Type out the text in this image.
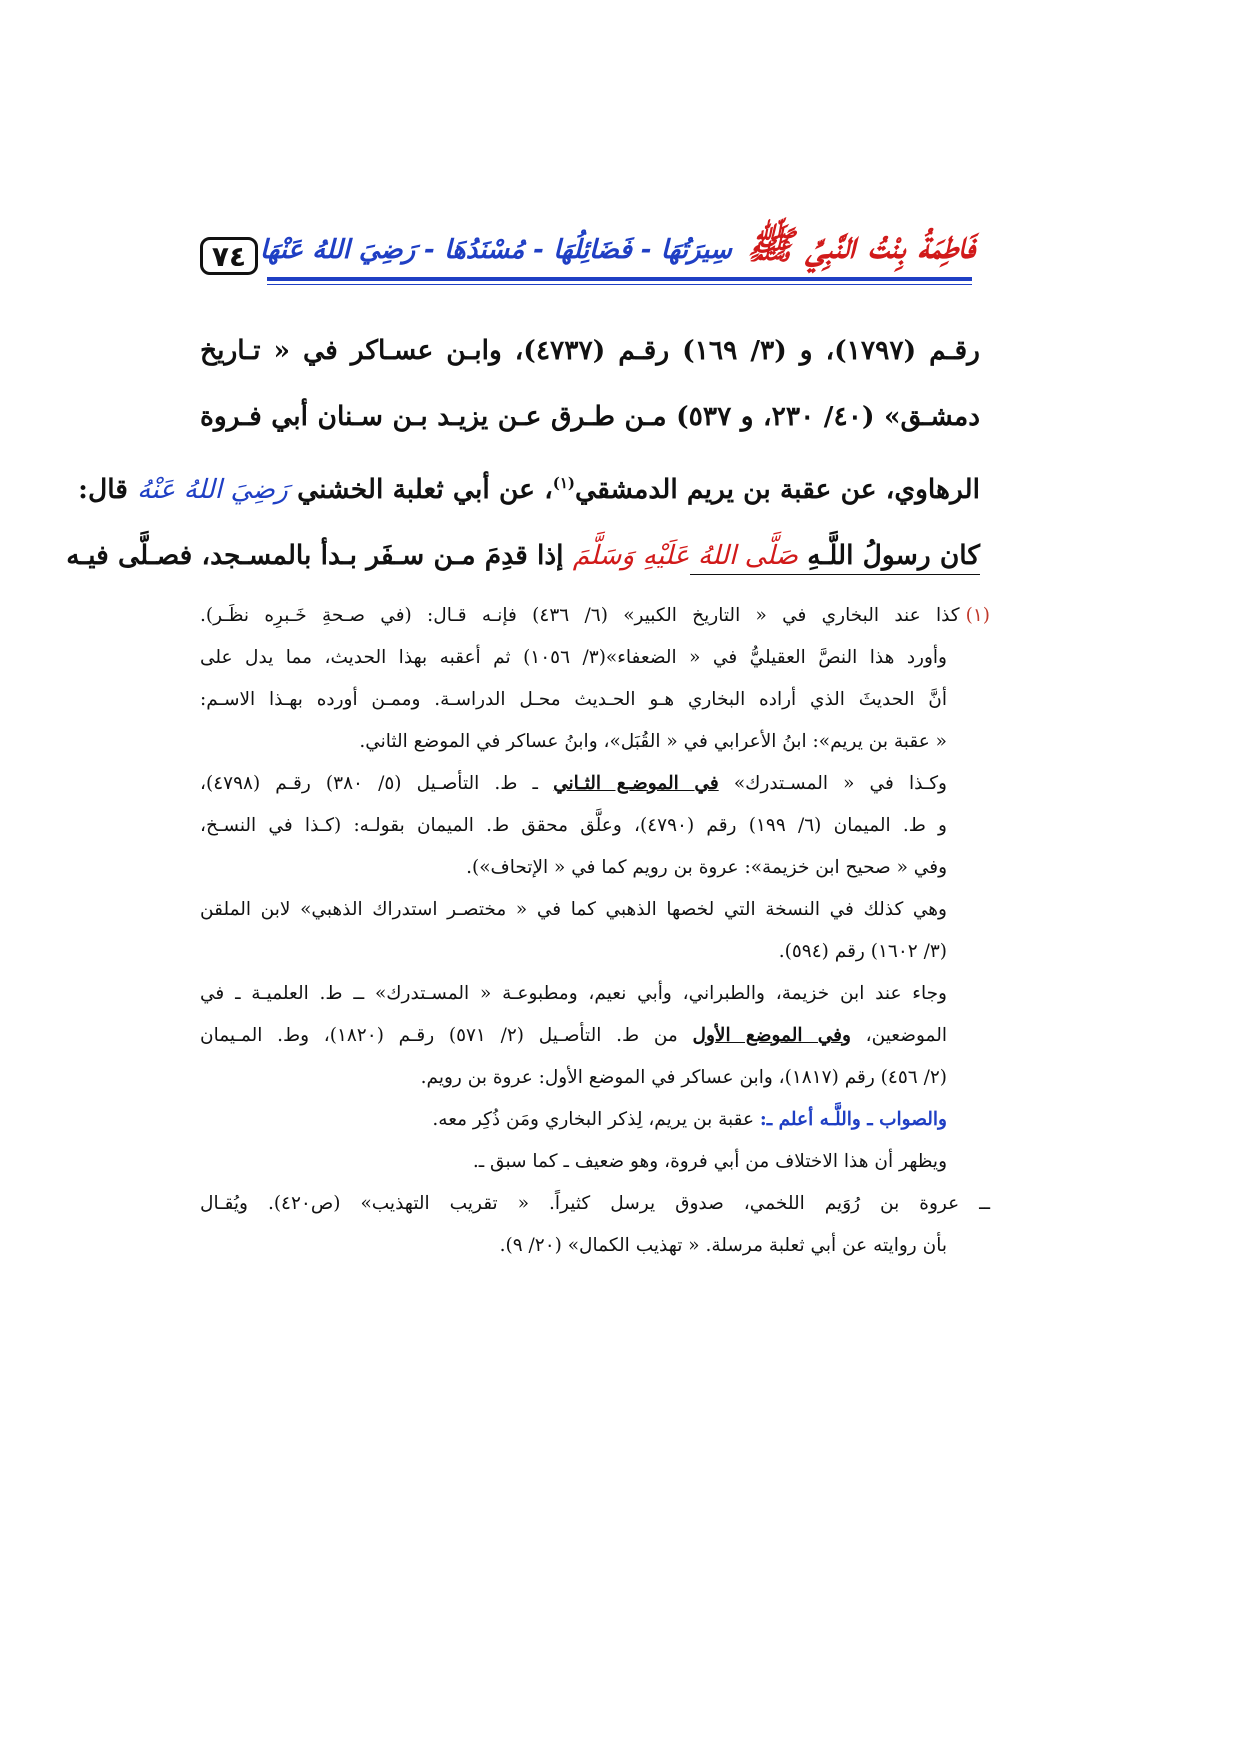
٧٤	فَاطِمَةُ بِنْتُ النَّبِيِّ ﷺ سِيرَتُهَا - فَضَائِلُهَا - مُسْنَدُهَا - رَضِيَ اللهُ عَنْهَا

رقـم (١٧٩٧)، و (٣/ ١٦٩) رقـم (٤٧٣٧)، وابـن عسـاكر في « تـاريخ

دمشـق» (٤٠/ ٢٣٠، و ٥٣٧) مـن طـرق عـن يزيـد بـن سـنان أبي فـروة

الرهاوي، عن عقبة بن يريم الدمشقي$^{(١)}$، عن أبي ثعلبة الخشني رَضِيَ اللهُ عَنْهُ قال:

كان رسولُ اللَّـهِ صَلَّى اللهُ عَلَيْهِ وَسَلَّمَ إذا قدِمَ مـن سـفَر بـدأ بالمسـجد، فصـلَّى فيـه

(١)كذا عند البخاري في « التاريخ الكبير» (٦/ ٤٣٦) فإنـه قـال: (في صـحةِ خَـبرِه نظَـر).

وأورد هذا النصَّ العقيليُّ في « الضعفاء»(٣/ ١٠٥٦) ثم أعقبه بهذا الحديث، مما يدل على

أنَّ الحديثَ الذي أراده البخاري هـو الحـديث محـل الدراسـة. وممـن أورده بهـذا الاسـم:

« عقبة بن يريم»: ابنُ الأعرابي في « القُبَل»، وابنُ عساكر في الموضع الثاني.

وكـذا في « المسـتدرك» في الموضـع الثـاني ـ ط. التأصـيل (٥/ ٣٨٠) رقـم (٤٧٩٨)،

و ط. الميمان (٦/ ١٩٩) رقم (٤٧٩٠)، وعلَّق محقق ط. الميمان بقولـه: (كـذا في النسـخ،

وفي « صحيح ابن خزيمة»: عروة بن رويم كما في « الإتحاف»).

وهي كذلك في النسخة التي لخصها الذهبي كما في « مختصـر استدراك الذهبي» لابن الملقن

(٣/ ١٦٠٢) رقم (٥٩٤).

وجاء عند ابن خزيمة، والطبراني، وأبي نعيم، ومطبوعـة « المسـتدرك» ــ ط. العلميـة ـ في

الموضعين، وفي الموضع الأول من ط. التأصـيل (٢/ ٥٧١) رقـم (١٨٢٠)، وط. المـيمان

(٢/ ٤٥٦) رقم (١٨١٧)، وابن عساكر في الموضع الأول: عروة بن رويم.

والصواب ـ واللَّـه أعلم ـ: عقبة بن يريم، لِذكر البخاري ومَن ذُكِر معه.

ويظهر أن هذا الاختلاف من أبي فروة، وهو ضعيف ـ كما سبق ـ.

ــ عروة بن رُوَيم اللخمي، صدوق يرسل كثيراً. « تقريب التهذيب» (ص٤٢٠). ويُقـال

بأن روايته عن أبي ثعلبة مرسلة. « تهذيب الكمال» (٢٠/ ٩).
